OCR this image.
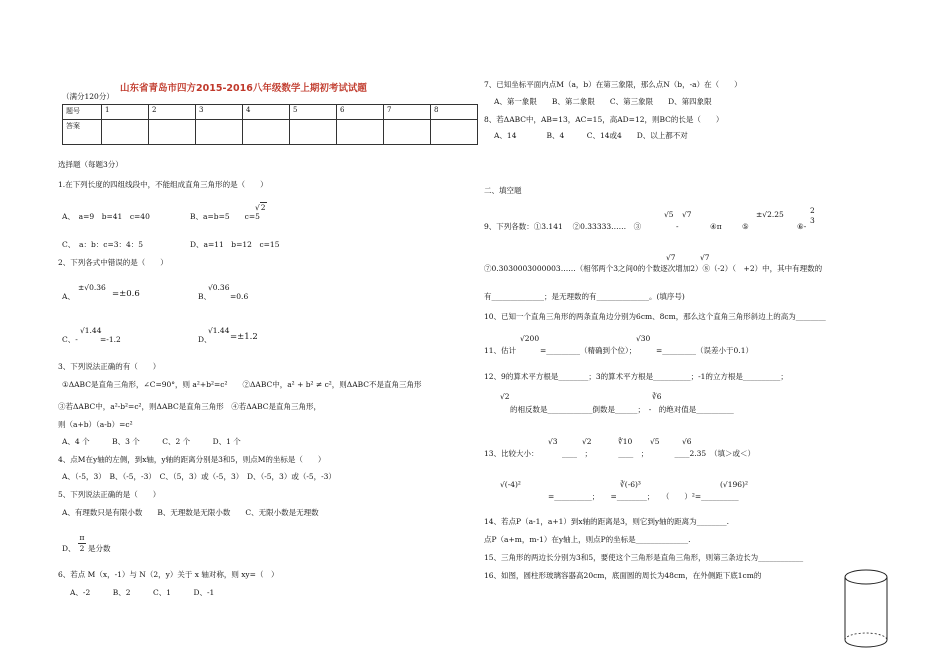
山东省青岛市四方2015-2016八年级数学上期初考试试题
（满分120分）
题号	1	2	3	4	5	6	7	8
答案								
选择题（每题3分）
1.在下列长度的四组线段中，不能组成直角三角形的是（　　）
A、　a=9　b=41　c=40	B、a=b=5　　c=5
√2
C、　a：b：c=3：4：5	D、a=11　b=12　c=15
2、下列各式中错误的是（　　）
A、
±√0.36
=±0.6	B、
√0.36
=0.6
C、-
√1.44
=-1.2	D、
√1.44
=±1.2
3、下列说法正确的有（　　）
①ΔABC是直角三角形，∠C=90°，则 a²+b²=c²　　②ΔABC中，a² + b² ≠ c²，则ΔABC不是直角三角形
③若ΔABC中，a²-b²=c²，则ΔABC是直角三角形　④若ΔABC是直角三角形，
则（a+b）（a-b）=c²
A、4 个　　　B、3 个　　　C、2 个　　　D、1 个
4、点M在y轴的左侧，到x轴，y轴的距离分别是3和5，则点M的坐标是（　　）
A、（-5，3）　B、（-5，-3）　C、（5，3）或（-5，3）　D、（-5，3）或（-5，-3）
5、下列说法正确的是（　　）
A、有理数只是有限小数　　B、无理数是无限小数　　C、无限小数是无理数
D、
π
2 是分数
6、若点 M（x，-1）与 N（2，y）关于 x 轴对称，则 xy=（　）
A、-2　　　B、2　　　C、1　　　D、-1
7、已知坐标平面内点M（a，b）在第三象限，那么点N（b，-a）在（　　）
A、第一象限　　B、第二象限　　C、第三象限　　D、第四象限
8、若ΔABC中，AB=13，AC=15，高AD=12，则BC的长是（　　）
A、14　　　　B、4　　　C、14或4　　D、以上都不对
二、填空题
9、下列各数：①3.141　 ②0.33333……　③
√5 √7
-	④π	⑤
±√2.25
⑥-
2
3
√7	√7
⑦0.3030003000003……（相邻两个3之间0的个数逐次增加2）⑧（-2）（　+2）中，其中有理数的
有______________；是无理数的有______________。(填序号)
10、已知一个直角三角形的两条直角边分别为6cm、8cm，那么这个直角三角形斜边上的高为________
11、估计
√200
=_________（精确到个位）；
√30
=_________（误差小于0.1）
12、9的算术平方根是________；3的算术平方根是__________；-1的立方根是__________；
√2
的相反数是____________倒数是______；　-　的绝对值是__________
∛6
13、比较大小：
√3	√2	∜10 √5	√6
____　；　　　　____　；　　　　____2.35　（填＞或＜）
√(-4)²	∛(-6)³	(√196)²
=__________；　　=________；　　（　　）²=__________
14、若点P（a-1，a+1）到x轴的距离是3，则它到y轴的距离为________.
点P（a+m，m-1）在y轴上，则点P的坐标是______________.
15、三角形的两边长分别为3和5，要使这个三角形是直角三角形，则第三条边长为____________
16、如图，圆柱形玻璃容器高20cm，底面圆的周长为48cm，在外侧距下底1cm的
